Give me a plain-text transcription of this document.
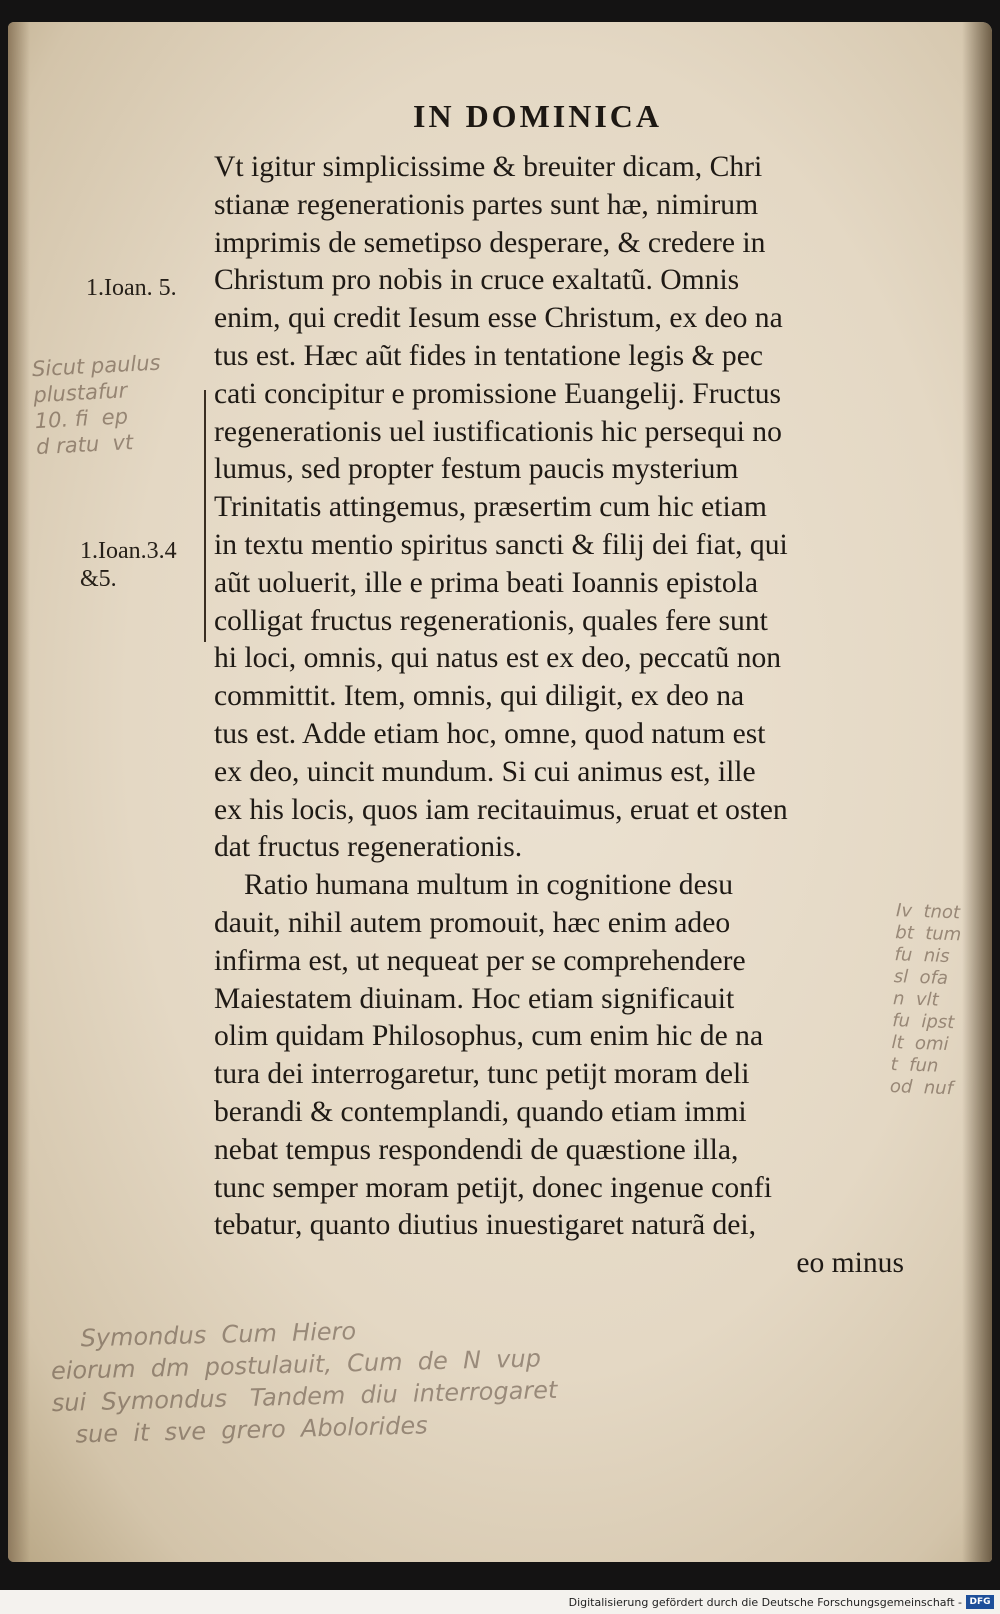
IN DOMINICA
1.Ioan. 5.
1.Ioan.3.4
&5.
Sicut paulus
plustafur
10. fi  ep
d ratu  vt
Iv  tnot
bt  tum
fu  nis
sl  ofa
n  vlt
fu  ipst
lt  omi
t  fun
od  nuf
Symondus  Cum  Hiero
eiorum  dm  postulauit,  Cum  de  N  vup
sui  Symondus   Tandem  diu  interrogaret
sue  it  sve  grero  Abolorides
Vt igitur simplicissime & breuiter dicam, Chri
stianæ regenerationis partes sunt hæ, nimirum
imprimis de semetipso desperare, & credere in
Christum pro nobis in cruce exaltatũ. Omnis
enim, qui credit Iesum esse Christum, ex deo na
tus est. Hæc aũt fides in tentatione legis & pec
cati concipitur e promissione Euangelij. Fructus
regenerationis uel iustificationis hic persequi no
lumus, sed propter festum paucis mysterium
Trinitatis attingemus, præsertim cum hic etiam
in textu mentio spiritus sancti & filij dei fiat, qui
aũt uoluerit, ille e prima beati Ioannis epistola
colligat fructus regenerationis, quales fere sunt
hi loci, omnis, qui natus est ex deo, peccatũ non
committit. Item, omnis, qui diligit, ex deo na
tus est. Adde etiam hoc, omne, quod natum est
ex deo, uincit mundum. Si cui animus est, ille
ex his locis, quos iam recitauimus, eruat et osten
dat fructus regenerationis.
Ratio humana multum in cognitione desu
dauit, nihil autem promouit, hæc enim adeo
infirma est, ut nequeat per se comprehendere
Maiestatem diuinam. Hoc etiam significauit
olim quidam Philosophus, cum enim hic de na
tura dei interrogaretur, tunc petijt moram deli
berandi & contemplandi, quando etiam immi
nebat tempus respondendi de quæstione illa,
tunc semper moram petijt, donec ingenue confi
tebatur, quanto diutius inuestigaret naturã dei,
eo minus
Digitalisierung gefördert durch die Deutsche Forschungsgemeinschaft - DFG
